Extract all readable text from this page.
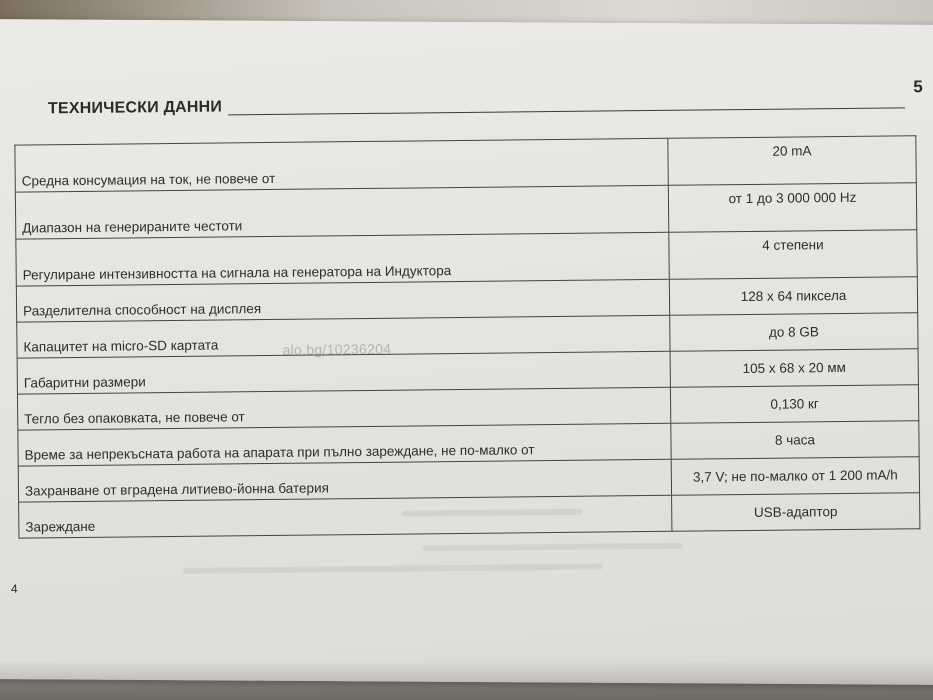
ТЕХНИЧЕСКИ ДАННИ
5
Средна консумация на ток, не повече от	20 mA
Диапазон на генерираните честоти	от 1 до 3 000 000 Hz
Регулиране интензивността на сигнала на генератора на Индуктора	4 степени
Разделителна способност на дисплея	128 x 64 пиксела
Капацитет на micro-SD картата	до 8 GB
Габаритни размери	105 x 68 x 20 мм
Тегло без опаковката, не повече от	0,130 кг
Време за непрекъсната работа на апарата при пълно зареждане, не по-малко от	8 часа
Захранване от вградена литиево-йонна батерия	3,7 V; не по-малко от 1 200 mA/h
Зареждане	USB-адаптор
alo.bg/10236204
4
